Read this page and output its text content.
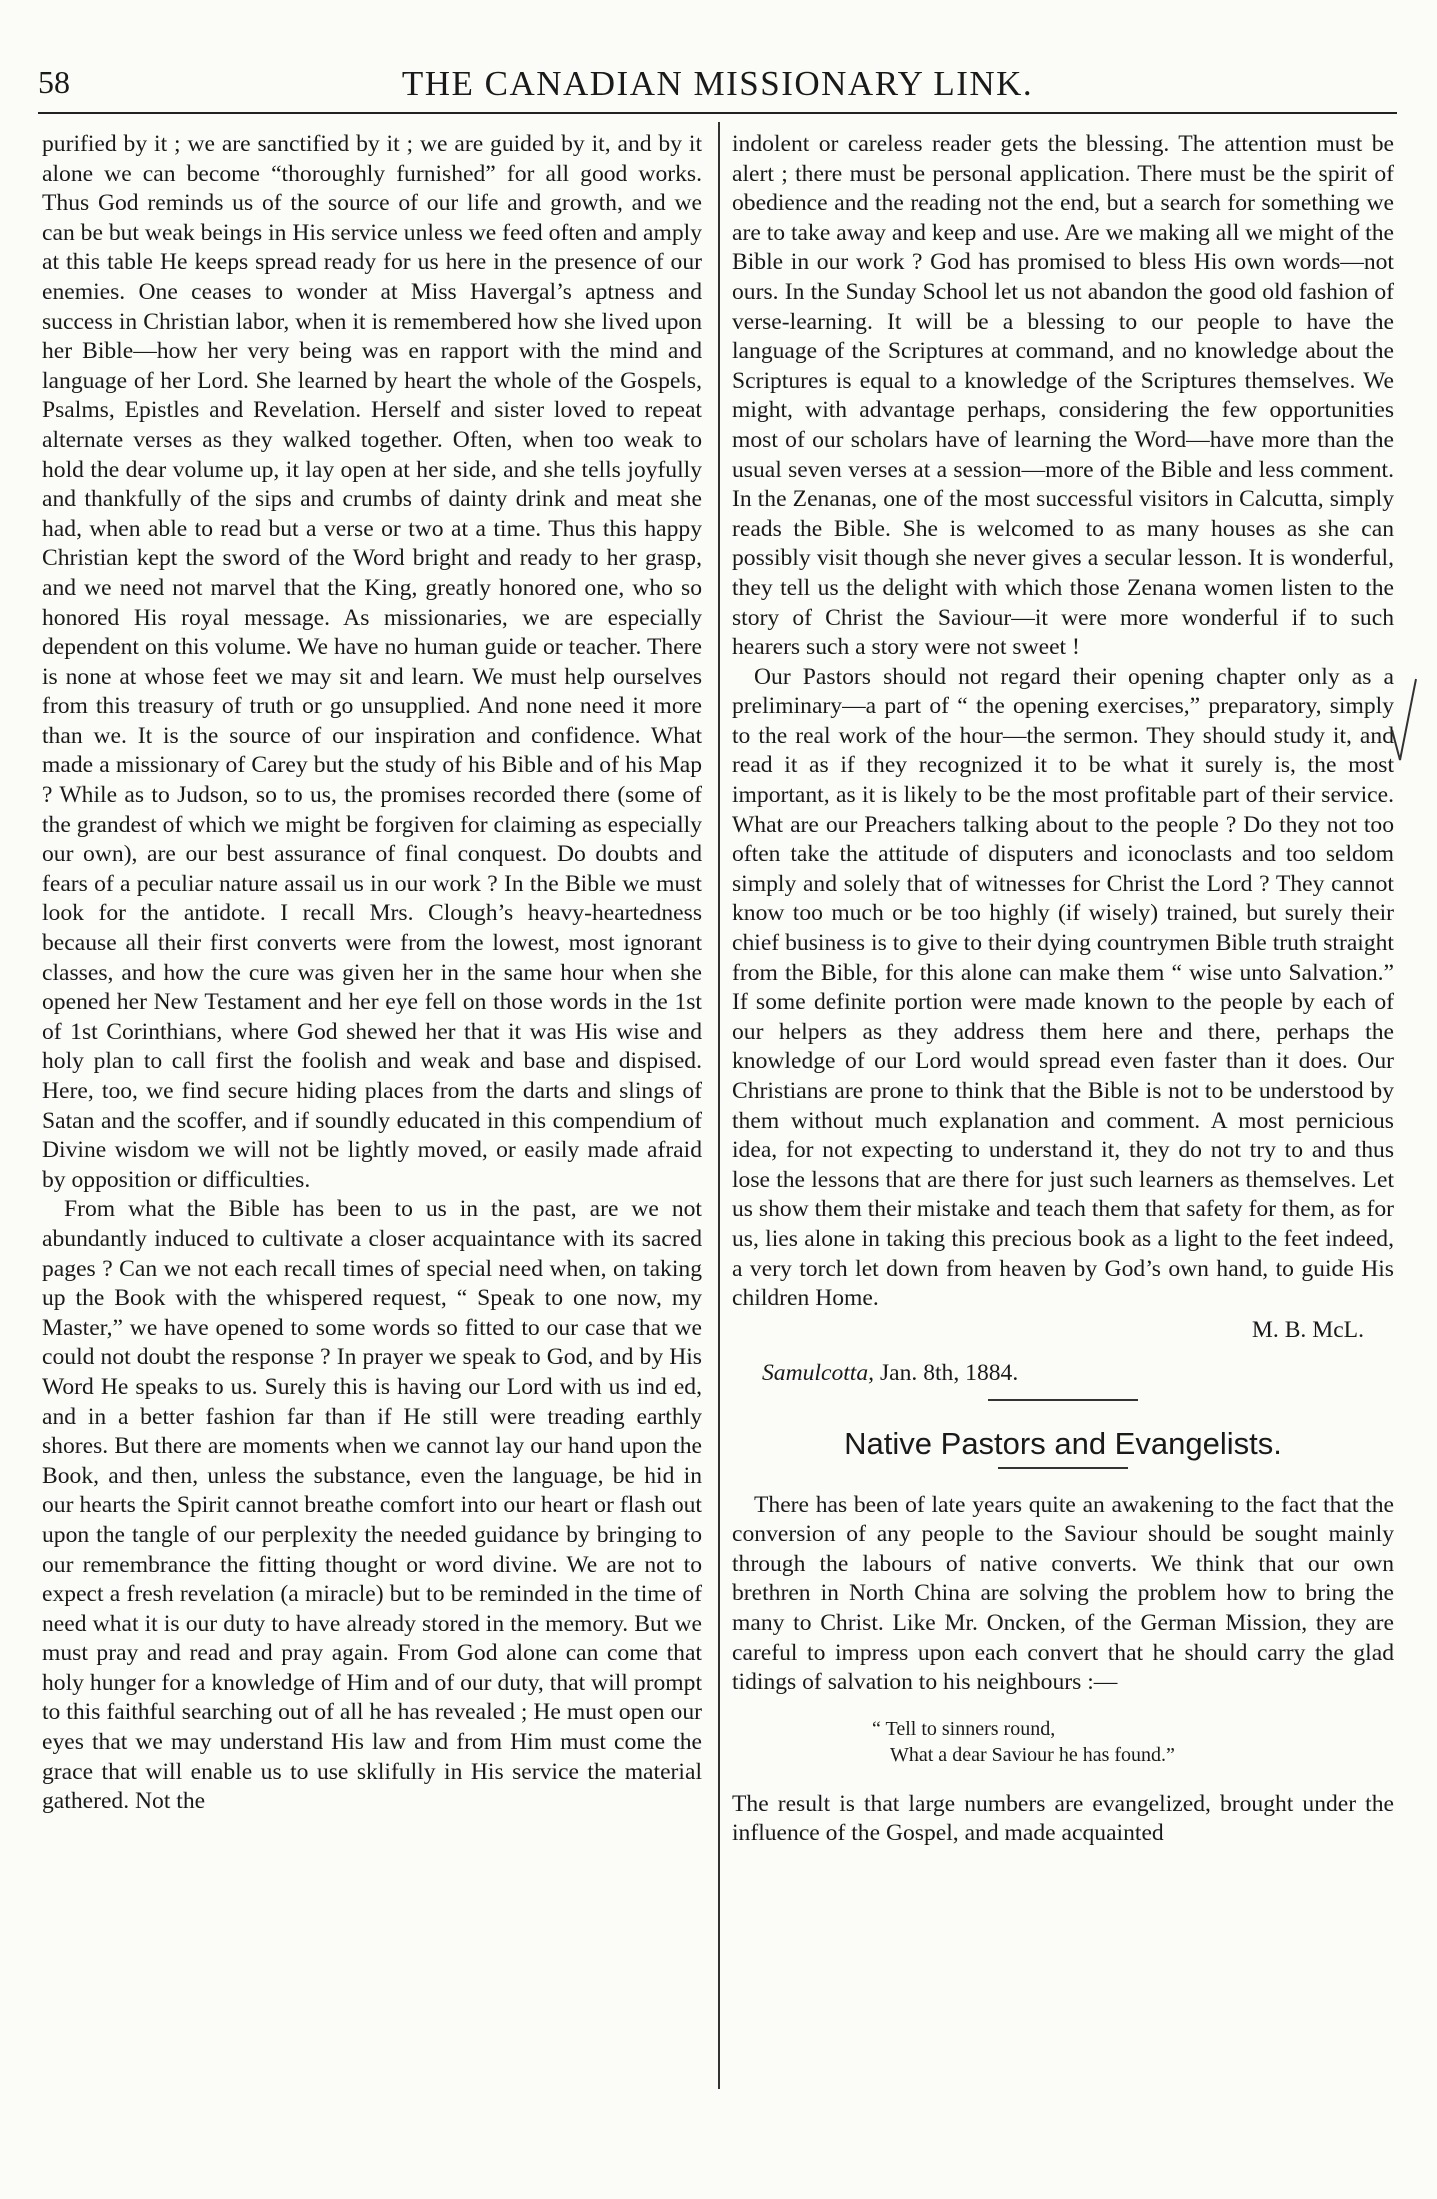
58	THE CANADIAN MISSIONARY LINK.

purified by it ; we are sanctified by it ; we are guided by it, and by it alone we can become “thoroughly furnished” for all good works. Thus God reminds us of the source of our life and growth, and we can be but weak beings in His service unless we feed often and amply at this table He keeps spread ready for us here in the presence of our enemies. One ceases to wonder at Miss Havergal’s aptness and success in Christian labor, when it is remembered how she lived upon her Bible—how her very being was en rapport with the mind and language of her Lord. She learned by heart the whole of the Gospels, Psalms, Epistles and Revelation. Herself and sister loved to repeat alternate verses as they walked together. Often, when too weak to hold the dear volume up, it lay open at her side, and she tells joyfully and thankfully of the sips and crumbs of dainty drink and meat she had, when able to read but a verse or two at a time. Thus this happy Christian kept the sword of the Word bright and ready to her grasp, and we need not marvel that the King, greatly honored one, who so honored His royal message. As missionaries, we are especially dependent on this volume. We have no human guide or teacher. There is none at whose feet we may sit and learn. We must help ourselves from this treasury of truth or go unsupplied. And none need it more than we. It is the source of our inspiration and confidence. What made a missionary of Carey but the study of his Bible and of his Map ? While as to Judson, so to us, the promises recorded there (some of the grandest of which we might be forgiven for claiming as especially our own), are our best assurance of final conquest. Do doubts and fears of a peculiar nature assail us in our work ? In the Bible we must look for the antidote. I recall Mrs. Clough’s heavy-heartedness because all their first converts were from the lowest, most ignorant classes, and how the cure was given her in the same hour when she opened her New Testament and her eye fell on those words in the 1st of 1st Corinthians, where God shewed her that it was His wise and holy plan to call first the foolish and weak and base and dispised. Here, too, we find secure hiding places from the darts and slings of Satan and the scoffer, and if soundly educated in this compendium of Divine wisdom we will not be lightly moved, or easily made afraid by opposition or difficulties.

From what the Bible has been to us in the past, are we not abundantly induced to cultivate a closer acquaintance with its sacred pages ? Can we not each recall times of special need when, on taking up the Book with the whispered request, “ Speak to one now, my Master,” we have opened to some words so fitted to our case that we could not doubt the response ? In prayer we speak to God, and by His Word He speaks to us. Surely this is having our Lord with us ind ed, and in a better fashion far than if He still were treading earthly shores. But there are moments when we cannot lay our hand upon the Book, and then, unless the substance, even the language, be hid in our hearts the Spirit cannot breathe comfort into our heart or flash out upon the tangle of our perplexity the needed guidance by bringing to our remembrance the fitting thought or word divine. We are not to expect a fresh revelation (a miracle) but to be reminded in the time of need what it is our duty to have already stored in the memory. But we must pray and read and pray again. From God alone can come that holy hunger for a knowledge of Him and of our duty, that will prompt to this faithful searching out of all he has revealed ; He must open our eyes that we may understand His law and from Him must come the grace that will enable us to use sklifully in His service the material gathered. Not the

indolent or careless reader gets the blessing. The attention must be alert ; there must be personal application. There must be the spirit of obedience and the reading not the end, but a search for something we are to take away and keep and use. Are we making all we might of the Bible in our work ? God has promised to bless His own words—not ours. In the Sunday School let us not abandon the good old fashion of verse-learning. It will be a blessing to our people to have the language of the Scriptures at command, and no knowledge about the Scriptures is equal to a knowledge of the Scriptures themselves. We might, with advantage perhaps, considering the few opportunities most of our scholars have of learning the Word—have more than the usual seven verses at a session—more of the Bible and less comment. In the Zenanas, one of the most successful visitors in Calcutta, simply reads the Bible. She is welcomed to as many houses as she can possibly visit though she never gives a secular lesson. It is wonderful, they tell us the delight with which those Zenana women listen to the story of Christ the Saviour—it were more wonderful if to such hearers such a story were not sweet !

Our Pastors should not regard their opening chapter only as a preliminary—a part of “ the opening exercises,” preparatory, simply to the real work of the hour—the sermon. They should study it, and read it as if they recognized it to be what it surely is, the most important, as it is likely to be the most profitable part of their service. What are our Preachers talking about to the people ? Do they not too often take the attitude of disputers and iconoclasts and too seldom simply and solely that of witnesses for Christ the Lord ? They cannot know too much or be too highly (if wisely) trained, but surely their chief business is to give to their dying countrymen Bible truth straight from the Bible, for this alone can make them “ wise unto Salvation.” If some definite portion were made known to the people by each of our helpers as they address them here and there, perhaps the knowledge of our Lord would spread even faster than it does. Our Christians are prone to think that the Bible is not to be understood by them without much explanation and comment. A most pernicious idea, for not expecting to understand it, they do not try to and thus lose the lessons that are there for just such learners as themselves. Let us show them their mistake and teach them that safety for them, as for us, lies alone in taking this precious book as a light to the feet indeed, a very torch let down from heaven by God’s own hand, to guide His children Home.

M. B. McL.
Samulcotta, Jan. 8th, 1884.
Native Pastors and Evangelists.

There has been of late years quite an awakening to the fact that the conversion of any people to the Saviour should be sought mainly through the labours of native converts. We think that our own brethren in North China are solving the problem how to bring the many to Christ. Like Mr. Oncken, of the German Mission, they are careful to impress upon each convert that he should carry the glad tidings of salvation to his neighbours :—

“ Tell to sinners round,
What a dear Saviour he has found.”

The result is that large numbers are evangelized, brought under the influence of the Gospel, and made acquainted
